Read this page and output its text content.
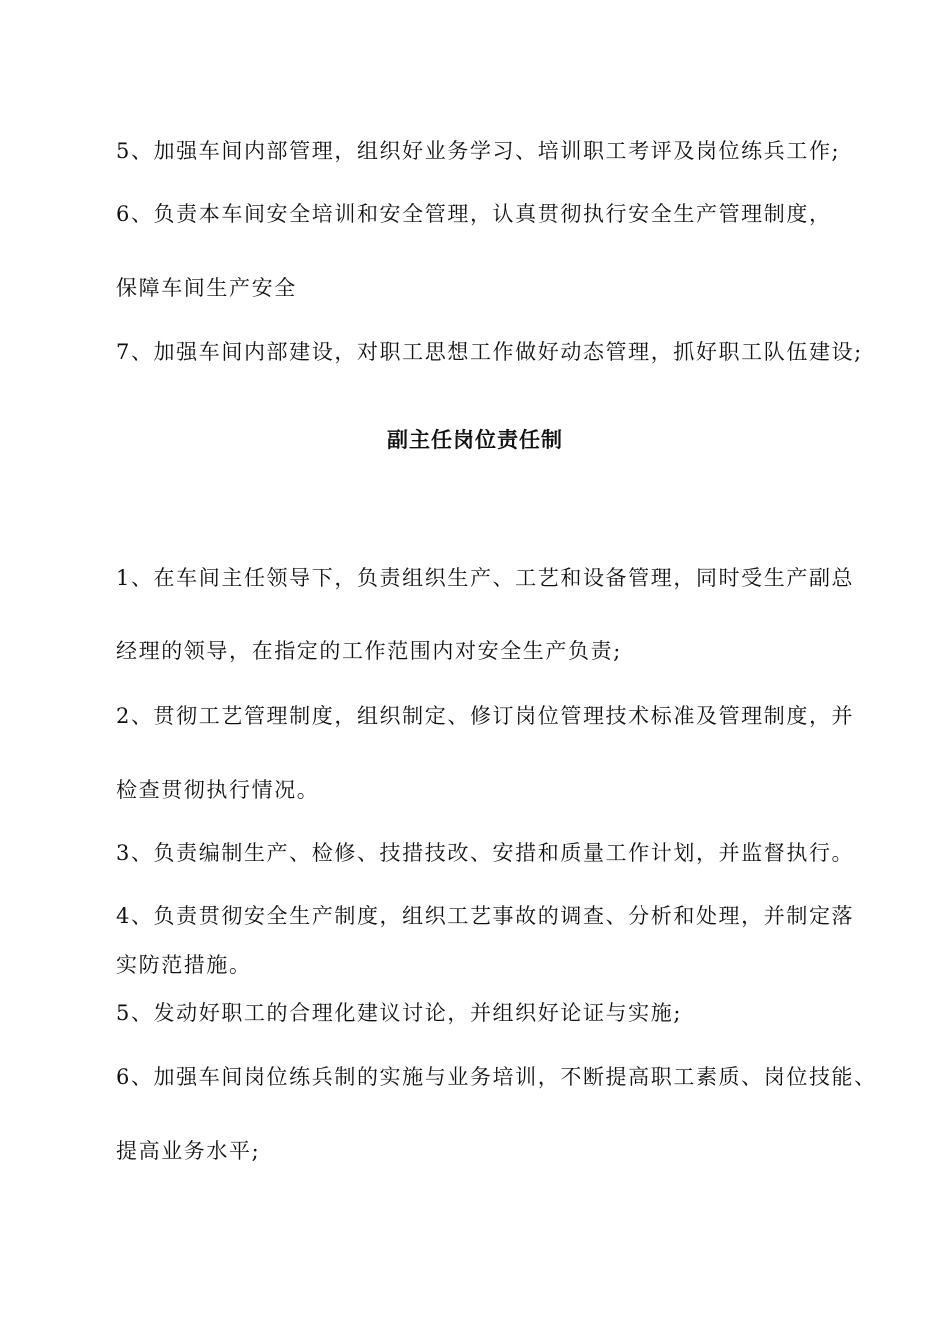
5、加强车间内部管理，组织好业务学习、培训职工考评及岗位练兵工作;
6、负责本车间安全培训和安全管理，认真贯彻执行安全生产管理制度，
保障车间生产安全
7、加强车间内部建设，对职工思想工作做好动态管理，抓好职工队伍建设;
副主任岗位责任制
1、在车间主任领导下，负责组织生产、工艺和设备管理，同时受生产副总
经理的领导，在指定的工作范围内对安全生产负责;
2、贯彻工艺管理制度，组织制定、修订岗位管理技术标准及管理制度，并
检查贯彻执行情况。
3、负责编制生产、检修、技措技改、安措和质量工作计划，并监督执行。
4、负责贯彻安全生产制度，组织工艺事故的调查、分析和处理，并制定落
实防范措施。
5、发动好职工的合理化建议讨论，并组织好论证与实施;
6、加强车间岗位练兵制的实施与业务培训，不断提高职工素质、岗位技能、
提高业务水平;
